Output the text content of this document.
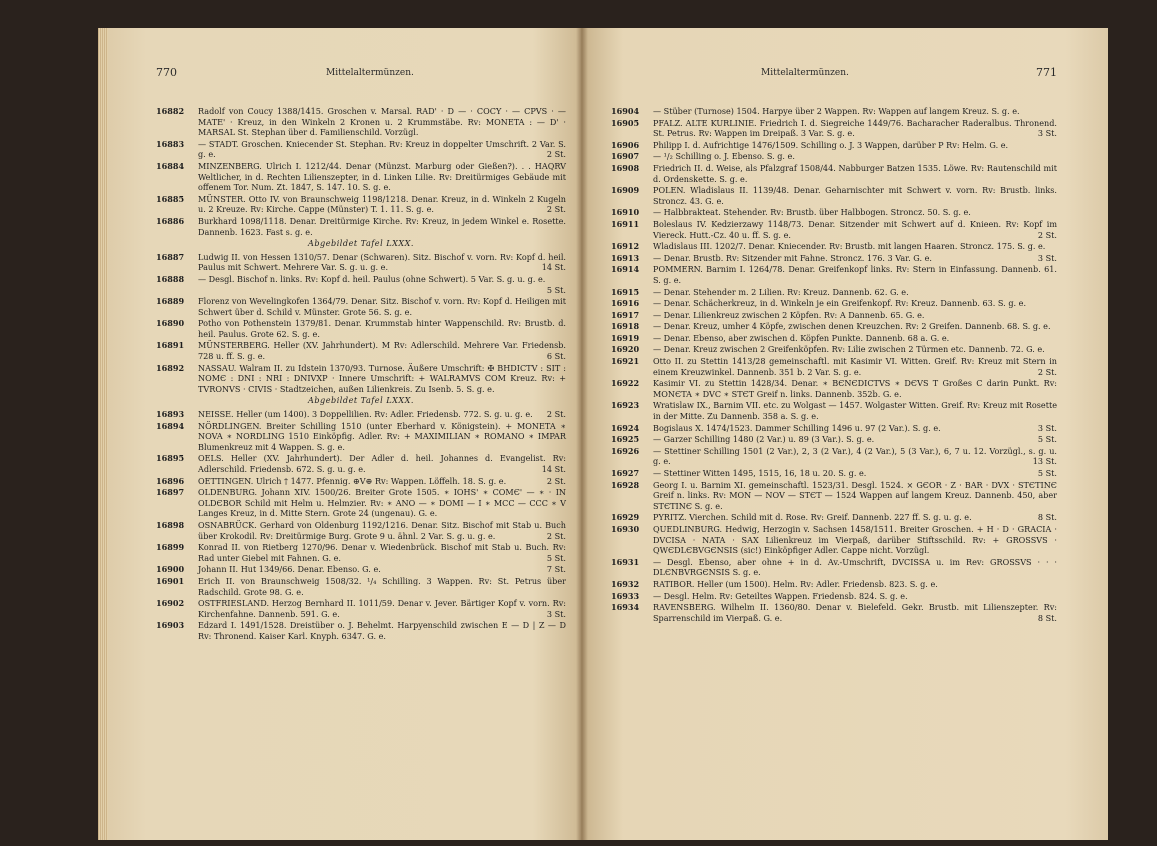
770	Mittelaltermünzen.
16882	Radolf von Coucy 1388/1415. Groschen v. Marsal. RAD' · D — · COCY · — CPVS · — MATE' · Kreuz, in den Winkeln 2 Kronen u. 2 Krummstäbe. Rv: MONETA : — D' · MARSAL St. Stephan über d. Familienschild. Vorzügl.
16883	— STADT. Groschen. Kniecender St. Stephan. Rv: Kreuz in doppelter Umschrift. 2 Var. S. g. e.	2 St.
16884	MINZENBERG. Ulrich I. 1212/44. Denar (Münzst. Marburg oder Gießen?). . . HAQRV Weltlicher, in d. Rechten Lilienszepter, in d. Linken Lilie. Rv: Dreitürmiges Gebäude mit offenem Tor. Num. Zt. 1847, S. 147. 10. S. g. e.
16885	MÜNSTER. Otto IV. von Braunschweig 1198/1218. Denar. Kreuz, in d. Winkeln 2 Kugeln u. 2 Kreuze. Rv: Kirche. Cappe (Münster) T. 1. 11. S. g. e.	2 St.
16886	Burkhard 1098/1118. Denar. Dreitürmige Kirche. Rv: Kreuz, in jedem Winkel e. Rosette. Dannenb. 1623. Fast s. g. e.
Abgebildet Tafel LXXX.
16887	Ludwig II. von Hessen 1310/57. Denar (Schwaren). Sitz. Bischof v. vorn. Rv: Kopf d. heil. Paulus mit Schwert. Mehrere Var. S. g. u. g. e.	14 St.
16888	— Desgl. Bischof n. links. Rv: Kopf d. heil. Paulus (ohne Schwert). 5 Var. S. g. u. g. e.
5 St.
16889	Florenz von Wevelingkofen 1364/79. Denar. Sitz. Bischof v. vorn. Rv: Kopf d. Heiligen mit Schwert über d. Schild v. Münster. Grote 56. S. g. e.
16890	Potho von Pothenstein 1379/81. Denar. Krummstab hinter Wappenschild. Rv: Brustb. d. heil. Paulus. Grote 62. S. g. e.
16891	MÜNSTERBERG. Heller (XV. Jahrhundert). M Rv: Adlerschild. Mehrere Var. Friedensb. 728 u. ff. S. g. e.	6 St.
16892	NASSAU. Walram II. zu Idstein 1370/93. Turnose. Äußere Umschrift: ✠ BHDICTV : SIT : NOMЄ : DNI : NRI : DNIVXP · Innere Umschrift: + WALRAMVS COM Kreuz. Rv: + TVRONVS · CIVIS · Stadtzeichen, außen Lilienkreis. Zu Isenb. 5. S. g. e.
Abgebildet Tafel LXXX.
16893	NEISSE. Heller (um 1400). 3 Doppellilien. Rv: Adler. Friedensb. 772. S. g. u. g. e.	2 St.
16894	NÖRDLINGEN. Breiter Schilling 1510 (unter Eberhard v. Königstein). + MONETA ∗ NOVA ∗ NORDLING 1510 Einköpfig. Adler. Rv: + MAXIMILIAN ∗ ROMANO ∗ IMPAR Blumenkreuz mit 4 Wappen. S. g. e.
16895	OELS. Heller (XV. Jahrhundert). Der Adler d. heil. Johannes d. Evangelist. Rv: Adlerschild. Friedensb. 672. S. g. u. g. e.	14 St.
16896	OETTINGEN. Ulrich † 1477. Pfennig. ⊕V⊕ Rv: Wappen. Löffelh. 18. S. g. e.	2 St.
16897	OLDENBURG. Johann XIV. 1500/26. Breiter Grote 1505. ∗ IOHS' ∗ COMЄ' — ∗ · IN OLDЄBOR Schild mit Helm u. Helmzier. Rv: ∗ ANO — ∗ DOMI — I ∗ MCC — CCC ∗ V Langes Kreuz, in d. Mitte Stern. Grote 24 (ungenau). G. e.
16898	OSNABRÜCK. Gerhard von Oldenburg 1192/1216. Denar. Sitz. Bischof mit Stab u. Buch über Krokodil. Rv: Dreitürmige Burg. Grote 9 u. ähnl. 2 Var. S. g. u. g. e.	2 St.
16899	Konrad II. von Rietberg 1270/96. Denar v. Wiedenbrück. Bischof mit Stab u. Buch. Rv: Rad unter Giebel mit Fahnen. G. e.	5 St.
16900	Johann II. Hut 1349/66. Denar. Ebenso. G. e.	7 St.
16901	Erich II. von Braunschweig 1508/32. ¹/₄ Schilling. 3 Wappen. Rv: St. Petrus über Radschild. Grote 98. G. e.
16902	OSTFRIESLAND. Herzog Bernhard II. 1011/59. Denar v. Jever. Bärtiger Kopf v. vorn. Rv: Kirchenfahne. Dannenb. 591. G. e.	3 St.
16903	Edzard I. 1491/1528. Dreistüber o. J. Behelmt. Harpyenschild zwischen E — D | Z — D Rv: Thronend. Kaiser Karl. Knyph. 6347. G. e.
Mittelaltermünzen.	771
16904	— Stüber (Turnose) 1504. Harpye über 2 Wappen. Rv: Wappen auf langem Kreuz. S. g. e.
16905	PFALZ. ALTE KURLINIE. Friedrich I. d. Siegreiche 1449/76. Bacharacher Raderalbus. Thronend. St. Petrus. Rv: Wappen im Dreipaß. 3 Var. S. g. e.	3 St.
16906	Philipp I. d. Aufrichtige 1476/1509. Schilling o. J. 3 Wappen, darüber P Rv: Helm. G. e.
16907	— ¹/₂ Schilling o. J. Ebenso. S. g. e.
16908	Friedrich II. d. Weise, als Pfalzgraf 1508/44. Nabburger Batzen 1535. Löwe. Rv: Rautenschild mit d. Ordenskette. S. g. e.
16909	POLEN. Wladislaus II. 1139/48. Denar. Geharnischter mit Schwert v. vorn. Rv: Brustb. links. Stroncz. 43. G. e.
16910	— Halbbrakteat. Stehender. Rv: Brustb. über Halbbogen. Stroncz. 50. S. g. e.
16911	Boleslaus IV. Kedzierzawy 1148/73. Denar. Sitzender mit Schwert auf d. Knieen. Rv: Kopf im Viereck. Hutt.-Cz. 40 u. ff. S. g. e.	2 St.
16912	Wladislaus III. 1202/7. Denar. Kniecender. Rv: Brustb. mit langen Haaren. Stroncz. 175. S. g. e.
16913	— Denar. Brustb. Rv: Sitzender mit Fahne. Stroncz. 176. 3 Var. G. e.	3 St.
16914	POMMERN. Barnim I. 1264/78. Denar. Greifenkopf links. Rv: Stern in Einfassung. Dannenb. 61. S. g. e.
16915	— Denar. Stehender m. 2 Lilien. Rv: Kreuz. Dannenb. 62. G. e.
16916	— Denar. Schächerkreuz, in d. Winkeln je ein Greifenkopf. Rv: Kreuz. Dannenb. 63. S. g. e.
16917	— Denar. Lilienkreuz zwischen 2 Köpfen. Rv: A Dannenb. 65. G. e.
16918	— Denar. Kreuz, umher 4 Köpfe, zwischen denen Kreuzchen. Rv: 2 Greifen. Dannenb. 68. S. g. e.
16919	— Denar. Ebenso, aber zwischen d. Köpfen Punkte. Dannenb. 68 a. G. e.
16920	— Denar. Kreuz zwischen 2 Greifenköpfen. Rv: Lilie zwischen 2 Türmen etc. Dannenb. 72. G. e.
16921	Otto II. zu Stettin 1413/28 gemeinschaftl. mit Kasimir VI. Witten. Greif. Rv: Kreuz mit Stern in einem Kreuzwinkel. Dannenb. 351 b. 2 Var. S. g. e.	2 St.
16922	Kasimir VI. zu Stettin 1428/34. Denar. ∗ BЄNЄDICTVS ∗ DЄVS T Großes C darin Punkt. Rv: MONЄTA ∗ DVC ∗ STЄT Greif n. links. Dannenb. 352b. G. e.
16923	Wratislaw IX., Barnim VII. etc. zu Wolgast — 1457. Wolgaster Witten. Greif. Rv: Kreuz mit Rosette in der Mitte. Zu Dannenb. 358 a. S. g. e.
16924	Bogislaus X. 1474/1523. Dammer Schilling 1496 u. 97 (2 Var.). S. g. e.	3 St.
16925	— Garzer Schilling 1480 (2 Var.) u. 89 (3 Var.). S. g. e.	5 St.
16926	— Stettiner Schilling 1501 (2 Var.), 2, 3 (2 Var.), 4 (2 Var.), 5 (3 Var.), 6, 7 u. 12. Vorzügl., s. g. u. g. e.	13 St.
16927	— Stettiner Witten 1495, 1515, 16, 18 u. 20. S. g. e.	5 St.
16928	Georg I. u. Barnim XI. gemeinschaftl. 1523/31. Desgl. 1524. × GЄOR · Z · BAR · DVX · STЄTINЄ Greif n. links. Rv: MON — NOV — STЄT — 1524 Wappen auf langem Kreuz. Dannenb. 450, aber STЄTINЄ S. g. e.
16929	PYRITZ. Vierchen. Schild mit d. Rose. Rv: Greif. Dannenb. 227 ff. S. g. u. g. e.	8 St.
16930	QUEDLINBURG. Hedwig, Herzogin v. Sachsen 1458/1511. Breiter Groschen. + H · D · GRACIA · DVCISA · NATA · SAX Lilienkreuz im Vierpaß, darüber Stiftsschild. Rv: + GROSSVS · QWЄDLЄBVGЄNSIS (sic!) Einköpfiger Adler. Cappe nicht. Vorzügl.
16931	— Desgl. Ebenso, aber ohne + in d. Av.-Umschrift, DVCISSA u. im Rev: GROSSVS · · · DLЄNBVRGЄNSIS S. g. e.
16932	RATIBOR. Heller (um 1500). Helm. Rv: Adler. Friedensb. 823. S. g. e.
16933	— Desgl. Helm. Rv: Geteiltes Wappen. Friedensb. 824. S. g. e.
16934	RAVENSBERG. Wilhelm II. 1360/80. Denar v. Bielefeld. Gekr. Brustb. mit Lilienszepter. Rv: Sparrenschild im Vierpaß. G. e.	8 St.
